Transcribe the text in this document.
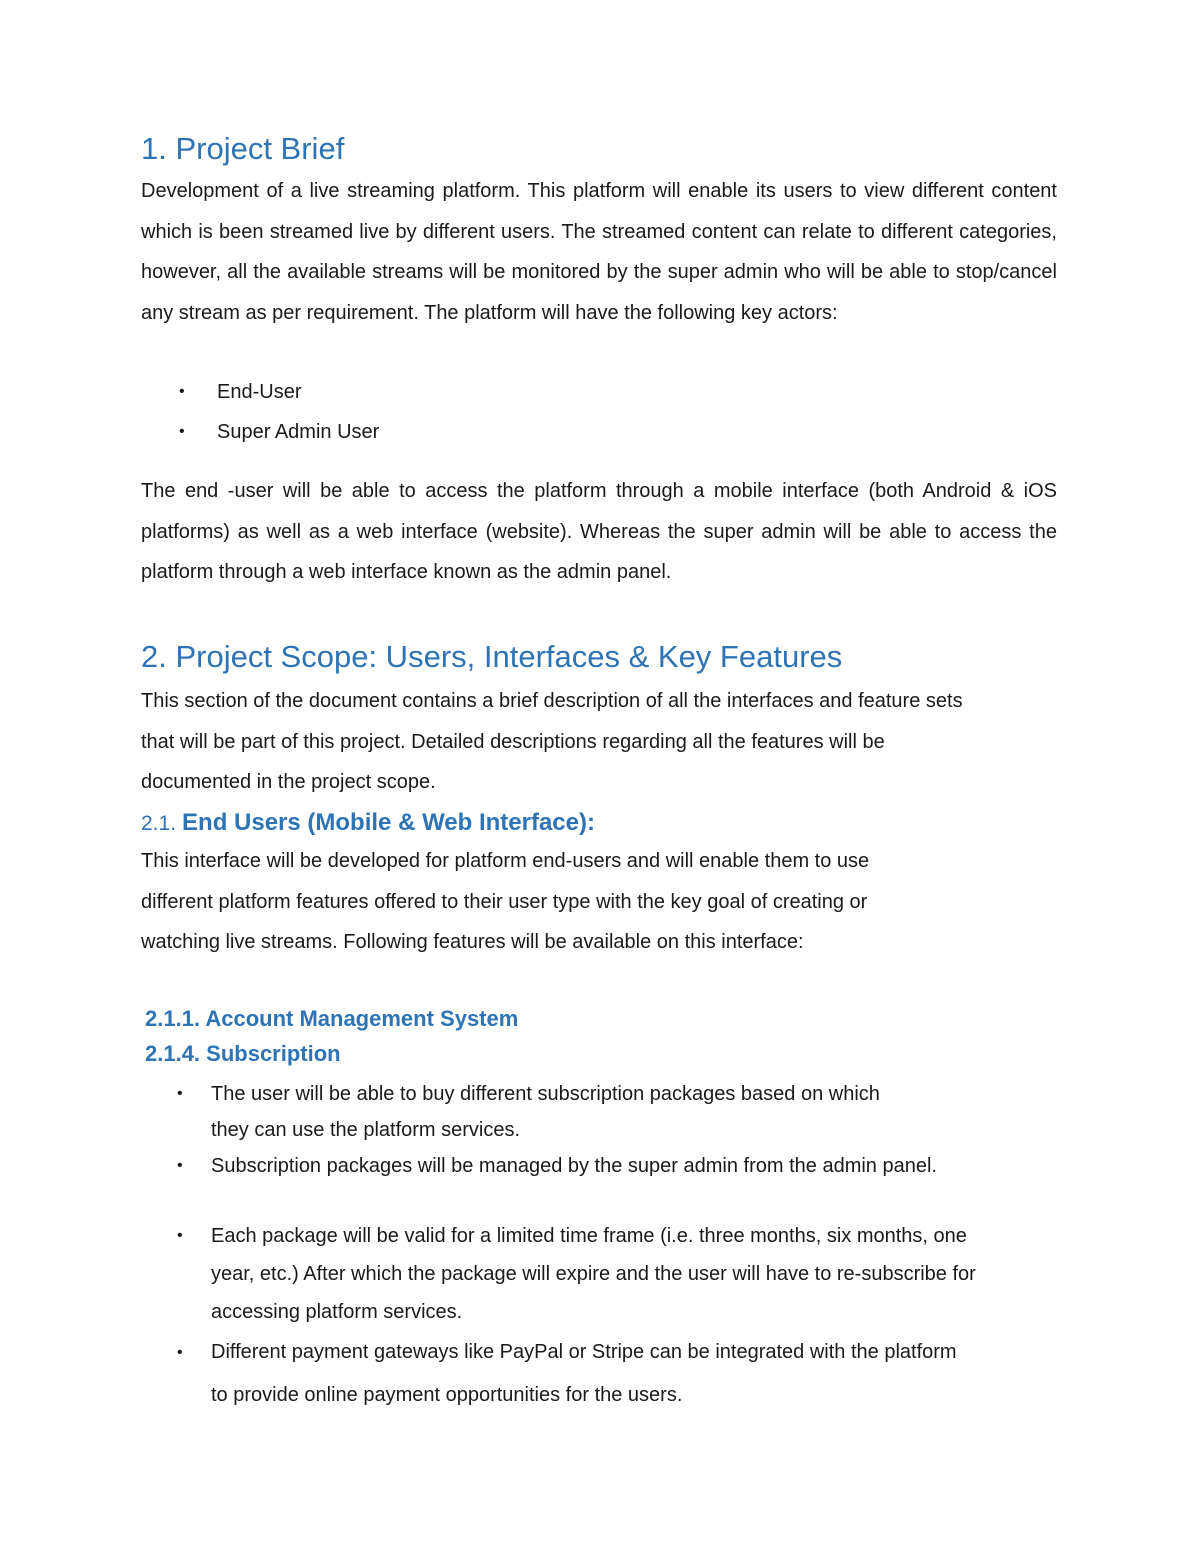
1. Project Brief

Development of a live streaming platform. This platform will enable its users to view different content which is been streamed live by different users. The streamed content can relate to different categories, however, all the available streams will be monitored by the super admin who will be able to stop/cancel any stream as per requirement. The platform will have the following key actors:

• End-User
• Super Admin User

The end -user will be able to access the platform through a mobile interface (both Android & iOS platforms) as well as a web interface (website). Whereas the super admin will be able to access the platform through a web interface known as the admin panel.

2. Project Scope: Users, Interfaces & Key Features

This section of the document contains a brief description of all the interfaces and feature sets
that will be part of this project. Detailed descriptions regarding all the features will be
documented in the project scope.

2.1. End Users (Mobile & Web Interface):

This interface will be developed for platform end-users and will enable them to use
different platform features offered to their user type with the key goal of creating or
watching live streams. Following features will be available on this interface:

2.1.1. Account Management System
2.1.4. Subscription
• The user will be able to buy different subscription packages based on which
they can use the platform services.
• Subscription packages will be managed by the super admin from the admin panel.
• Each package will be valid for a limited time frame (i.e. three months, six months, one
year, etc.) After which the package will expire and the user will have to re-subscribe for
accessing platform services.
• Different payment gateways like PayPal or Stripe can be integrated with the platform
to provide online payment opportunities for the users.
